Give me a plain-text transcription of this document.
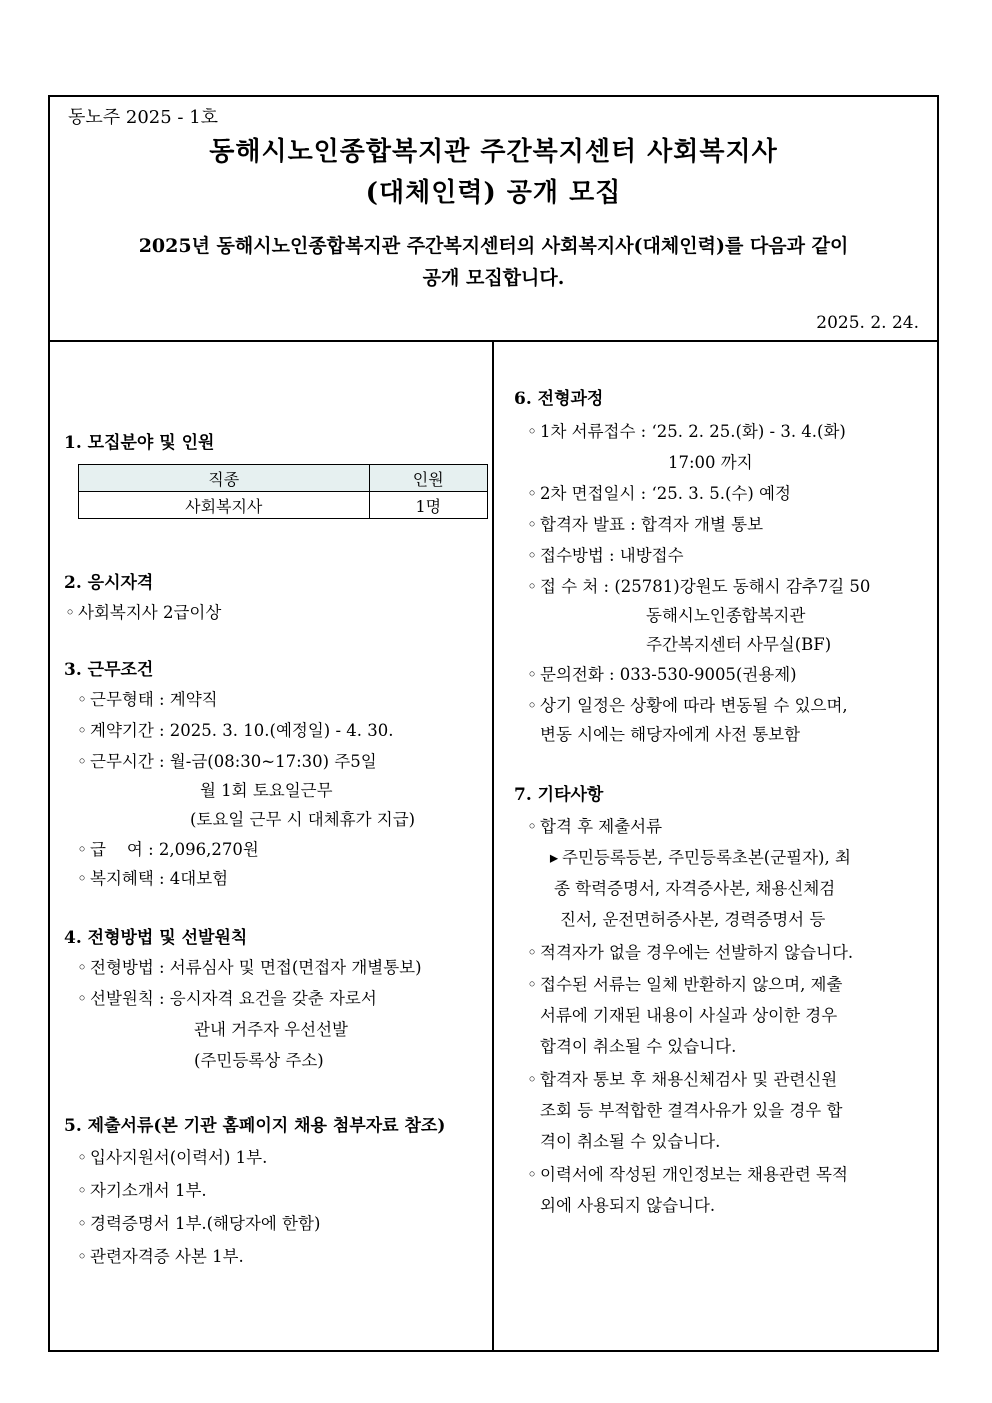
동노주 2025 - 1호
동해시노인종합복지관 주간복지센터 사회복지사
(대체인력) 공개 모집
2025년 동해시노인종합복지관 주간복지센터의 사회복지사(대체인력)를 다음과 같이
공개 모집합니다.
2025. 2. 24.
1. 모집분야 및 인원
직종	인원
사회복지사	1명
2. 응시자격
◦ 사회복지사 2급이상
3. 근무조건
◦ 근무형태 : 계약직
◦ 계약기간 : 2025. 3. 10.(예정일) - 4. 30.
◦ 근무시간 : 월-금(08:30~17:30) 주5일
월 1회 토요일근무
(토요일 근무 시 대체휴가 지급)
◦ 급    여 : 2,096,270원
◦ 복지혜택 : 4대보험
4. 전형방법 및 선발원칙
◦ 전형방법 : 서류심사 및 면접(면접자 개별통보)
◦ 선발원칙 : 응시자격 요건을 갖춘 자로서
관내 거주자 우선선발
(주민등록상 주소)
5. 제출서류(본 기관 홈페이지 채용 첨부자료 참조)
◦ 입사지원서(이력서) 1부.
◦ 자기소개서 1부.
◦ 경력증명서 1부.(해당자에 한함)
◦ 관련자격증 사본 1부.
6. 전형과정
◦ 1차 서류접수 : ‘25. 2. 25.(화) - 3. 4.(화)
17:00 까지
◦ 2차 면접일시 : ‘25. 3. 5.(수) 예정
◦ 합격자 발표 : 합격자 개별 통보
◦ 접수방법 : 내방접수
◦ 접 수 처 : (25781)강원도 동해시 감추7길 50
동해시노인종합복지관
주간복지센터 사무실(BF)
◦ 문의전화 : 033-530-9005(권용제)
◦ 상기 일정은 상황에 따라 변동될 수 있으며,
변동 시에는 해당자에게 사전 통보함
7. 기타사항
◦ 합격 후 제출서류
▸ 주민등록등본, 주민등록초본(군필자), 최
종 학력증명서, 자격증사본, 채용신체검
진서, 운전면허증사본, 경력증명서 등
◦ 적격자가 없을 경우에는 선발하지 않습니다.
◦ 접수된 서류는 일체 반환하지 않으며, 제출
서류에 기재된 내용이 사실과 상이한 경우
합격이 취소될 수 있습니다.
◦ 합격자 통보 후 채용신체검사 및 관련신원
조회 등 부적합한 결격사유가 있을 경우 합
격이 취소될 수 있습니다.
◦ 이력서에 작성된 개인정보는 채용관련 목적
외에 사용되지 않습니다.
